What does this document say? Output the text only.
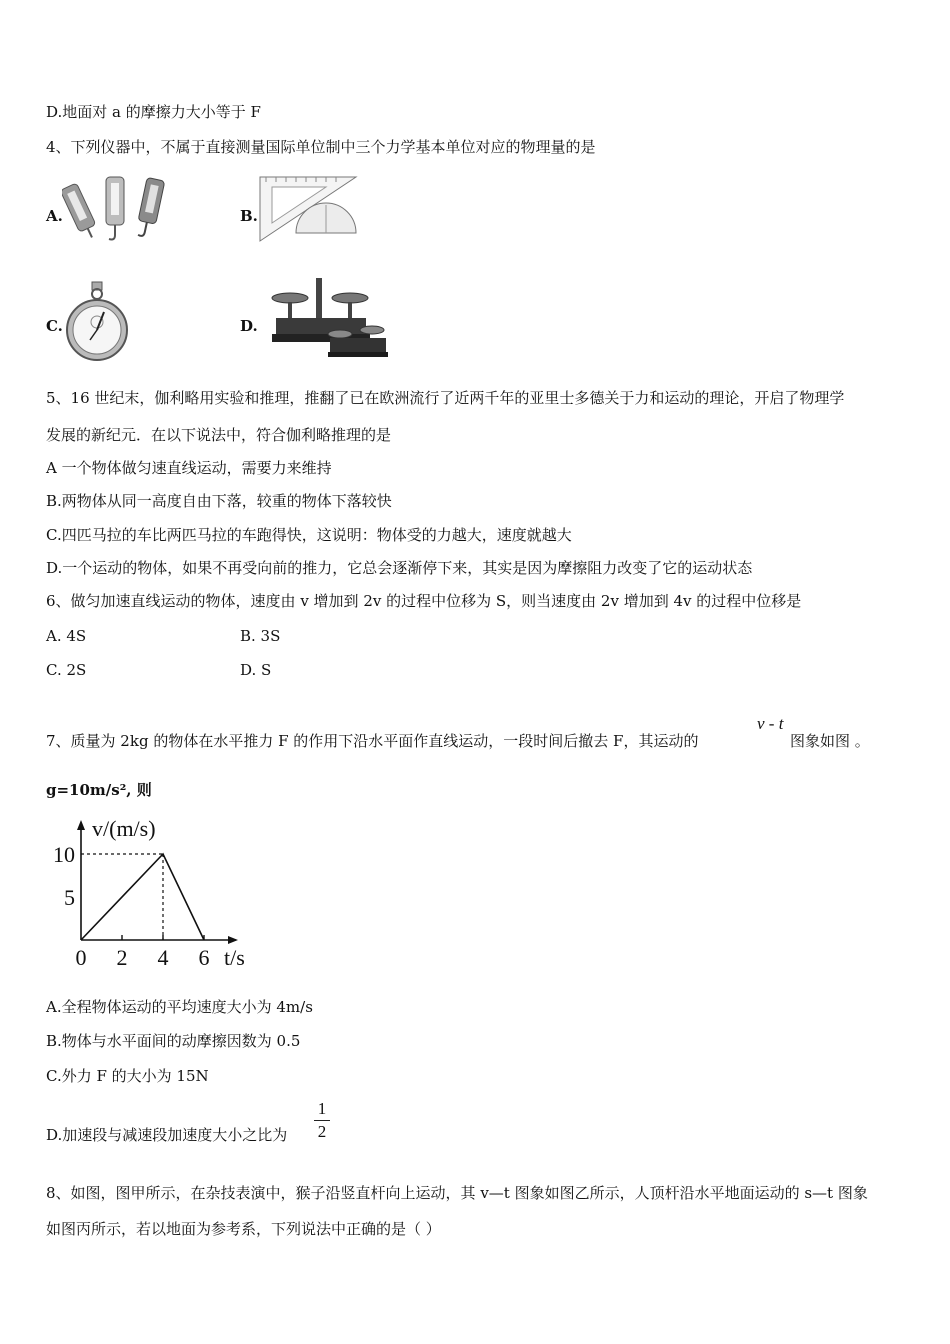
D.地面对 a 的摩擦力大小等于 F
4、下列仪器中，不属于直接测量国际单位制中三个力学基本单位对应的物理量的是
A.	B.
C.	D.
5、16 世纪末，伽利略用实验和推理，推翻了已在欧洲流行了近两千年的亚里士多德关于力和运动的理论，开启了物理学
发展的新纪元．在以下说法中，符合伽利略推理的是
A 一个物体做匀速直线运动，需要力来维持
B.两物体从同一高度自由下落，较重的物体下落较快
C.四匹马拉的车比两匹马拉的车跑得快，这说明：物体受的力越大，速度就越大
D.一个运动的物体，如果不再受向前的推力，它总会逐渐停下来，其实是因为摩擦阻力改变了它的运动状态
6、做匀加速直线运动的物体，速度由 v 增加到 2v 的过程中位移为 S，则当速度由 2v 增加到 4v 的过程中位移是
A. 4S	B. 3S
C. 2S	D. S
7、质量为 2kg 的物体在水平推力 F 的作用下沿水平面作直线运动，一段时间后撤去 F，其运动的
v - t
图象如图 。
g=10m/s², 则
v/(m/s)
t/s
0 2 4 6
5
10
A.全程物体运动的平均速度大小为 4m/s
B.物体与水平面间的动摩擦因数为 0.5
C.外力 F 的大小为 15N
D.加速段与减速段加速度大小之比为
1
2
8、如图，图甲所示，在杂技表演中，猴子沿竖直杆向上运动，其 v—t 图象如图乙所示，人顶杆沿水平地面运动的 s—t 图象
如图丙所示，若以地面为参考系，下列说法中正确的是（ ）
